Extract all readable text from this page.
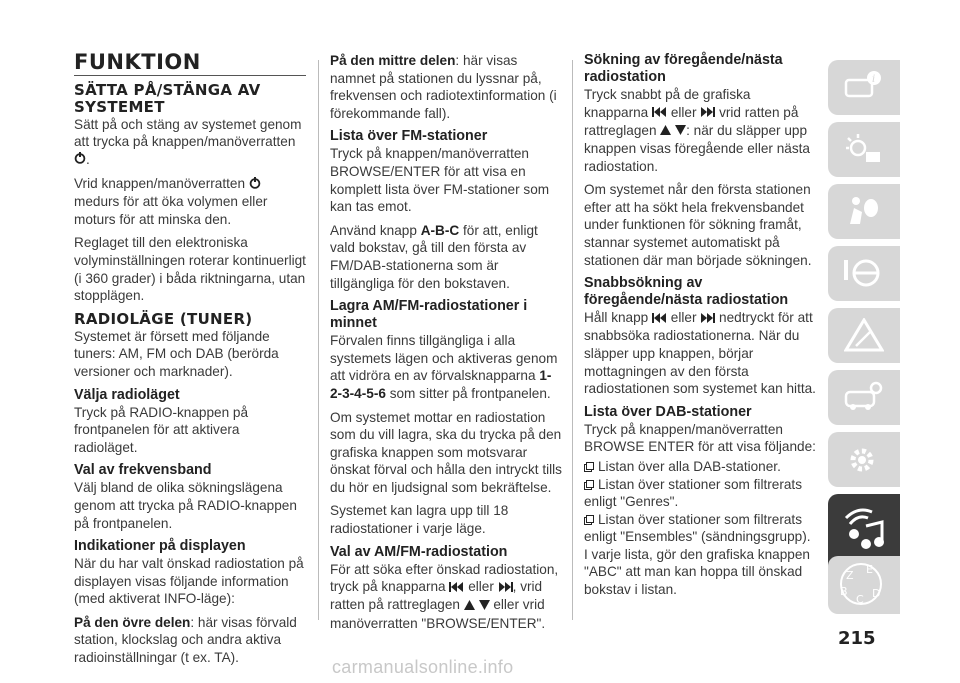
FUNKTION
SÄTTA PÅ/STÄNGA AV SYSTEMET

Sätt på och stäng av systemet genom att trycka på knappen/manöverratten
.

Vrid knappen/manöverratten  medurs för att öka volymen eller moturs för att minska den.

Reglaget till den elektroniska volyminställningen roterar kontinuerligt (i 360 grader) i båda riktningarna, utan stopplägen.

RADIOLÄGE (TUNER)

Systemet är försett med följande tuners: AM, FM och DAB (berörda versioner och marknader).

Välja radioläget

Tryck på RADIO-knappen på frontpanelen för att aktivera radioläget.

Val av frekvensband

Välj bland de olika sökningslägena genom att trycka på RADIO-knappen på frontpanelen.

Indikationer på displayen

När du har valt önskad radiostation på displayen visas följande information (med aktiverat INFO-läge):

På den övre delen: här visas förvald station, klockslag och andra aktiva radioinställningar (t ex. TA).

På den mittre delen: här visas namnet på stationen du lyssnar på, frekvensen och radiotextinformation (i förekommande fall).

Lista över FM-stationer

Tryck på knappen/manöverratten BROWSE/ENTER för att visa en komplett lista över FM-stationer som kan tas emot.

Använd knapp A-B-C för att, enligt vald bokstav, gå till den första av FM/DAB-stationerna som är tillgängliga för den bokstaven.

Lagra AM/FM-radiostationer i minnet

Förvalen finns tillgängliga i alla systemets lägen och aktiveras genom att vidröra en av förvalsknapparna 1-2-3-4-5-6 som sitter på frontpanelen.

Om systemet mottar en radiostation som du vill lagra, ska du trycka på den grafiska knappen som motsvarar önskat förval och hålla den intryckt tills du hör en ljudsignal som bekräftelse.

Systemet kan lagra upp till 18 radiostationer i varje läge.

Val av AM/FM-radiostation

För att söka efter önskad radiostation, tryck på knapparna eller , vrid ratten på rattreglagen eller vrid manöverratten "BROWSE/ENTER".

Sökning av föregående/nästa radiostation

Tryck snabbt på de grafiska knapparna eller vrid ratten på rattreglagen : när du släpper upp knappen visas föregående eller nästa radiostation.

Om systemet når den första stationen efter att ha sökt hela frekvensbandet under funktionen för sökning framåt, stannar systemet automatiskt på stationen där man började sökningen.

Snabbsökning av föregående/nästa radiostation

Håll knapp eller nedtryckt för att snabbsöka radiostationerna. När du släpper upp knappen, börjar mottagningen av den första radiostationen som systemet kan hitta.

Lista över DAB-stationer

Tryck på knappen/manöverratten BROWSE ENTER för att visa följande:

Listan över alla DAB-stationer.
Listan över stationer som filtrerats enligt "Genres".
Listan över stationer som filtrerats enligt "Ensembles" (sändningsgrupp).

I varje lista, gör den grafiska knappen "ABC" att man kan hoppa till önskad bokstav i listan.

i
Z E
B
C D
215
carmanualsonline.info
